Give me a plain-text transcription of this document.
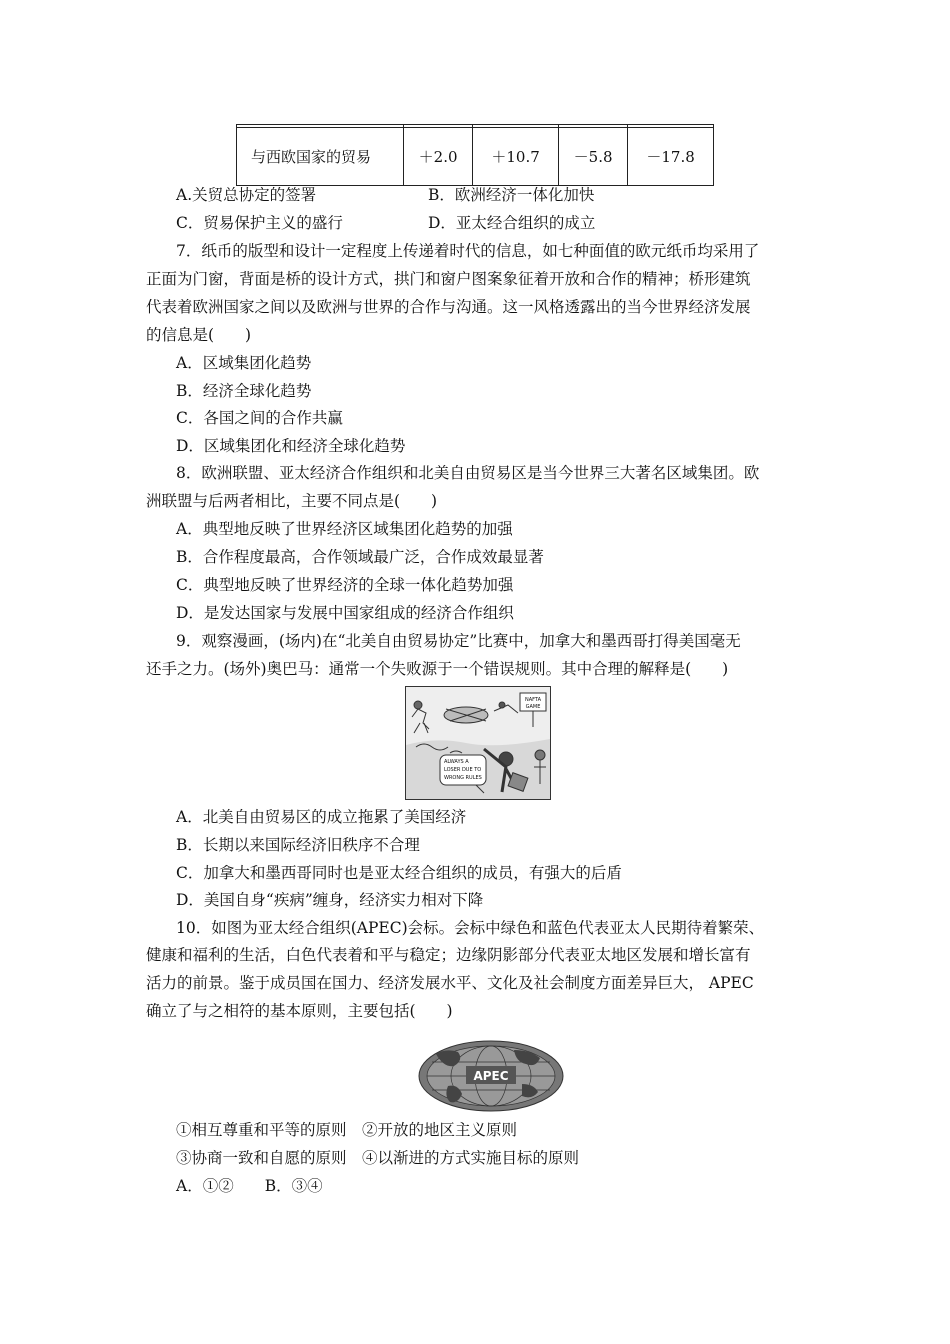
与西欧国家的贸易	＋2.0	＋10.7	－5.8	－17.8
A.关贸总协定的签署	B．欧洲经济一体化加快
C．贸易保护主义的盛行	D．亚太经合组织的成立
7．纸币的版型和设计一定程度上传递着时代的信息，如七种面值的欧元纸币均采用了
正面为门窗，背面是桥的设计方式，拱门和窗户图案象征着开放和合作的精神；桥形建筑
代表着欧洲国家之间以及欧洲与世界的合作与沟通。这一风格透露出的当今世界经济发展
的信息是(　　)
A．区域集团化趋势
B．经济全球化趋势
C．各国之间的合作共赢
D．区域集团化和经济全球化趋势
8．欧洲联盟、亚太经济合作组织和北美自由贸易区是当今世界三大著名区域集团。欧
洲联盟与后两者相比，主要不同点是(　　)
A．典型地反映了世界经济区域集团化趋势的加强
B．合作程度最高，合作领域最广泛，合作成效最显著
C．典型地反映了世界经济的全球一体化趋势加强
D．是发达国家与发展中国家组成的经济合作组织
9．观察漫画，(场内)在“北美自由贸易协定”比赛中，加拿大和墨西哥打得美国毫无
还手之力。(场外)奥巴马：通常一个失败源于一个错误规则。其中合理的解释是(　　)
NAFTA
GAME
ALWAYS A
LOSER DUE TO
WRONG RULES
A．北美自由贸易区的成立拖累了美国经济
B．长期以来国际经济旧秩序不合理
C．加拿大和墨西哥同时也是亚太经合组织的成员，有强大的后盾
D．美国自身“疾病”缠身，经济实力相对下降
10．如图为亚太经合组织(APEC)会标。会标中绿色和蓝色代表亚太人民期待着繁荣、
健康和福利的生活，白色代表着和平与稳定；边缘阴影部分代表亚太地区发展和增长富有
活力的前景。鉴于成员国在国力、经济发展水平、文化及社会制度方面差异巨大， APEC
确立了与之相符的基本原则，主要包括(　　)
APEC
①相互尊重和平等的原则　②开放的地区主义原则
③协商一致和自愿的原则　④以渐进的方式实施目标的原则
A．①②　　B．③④
